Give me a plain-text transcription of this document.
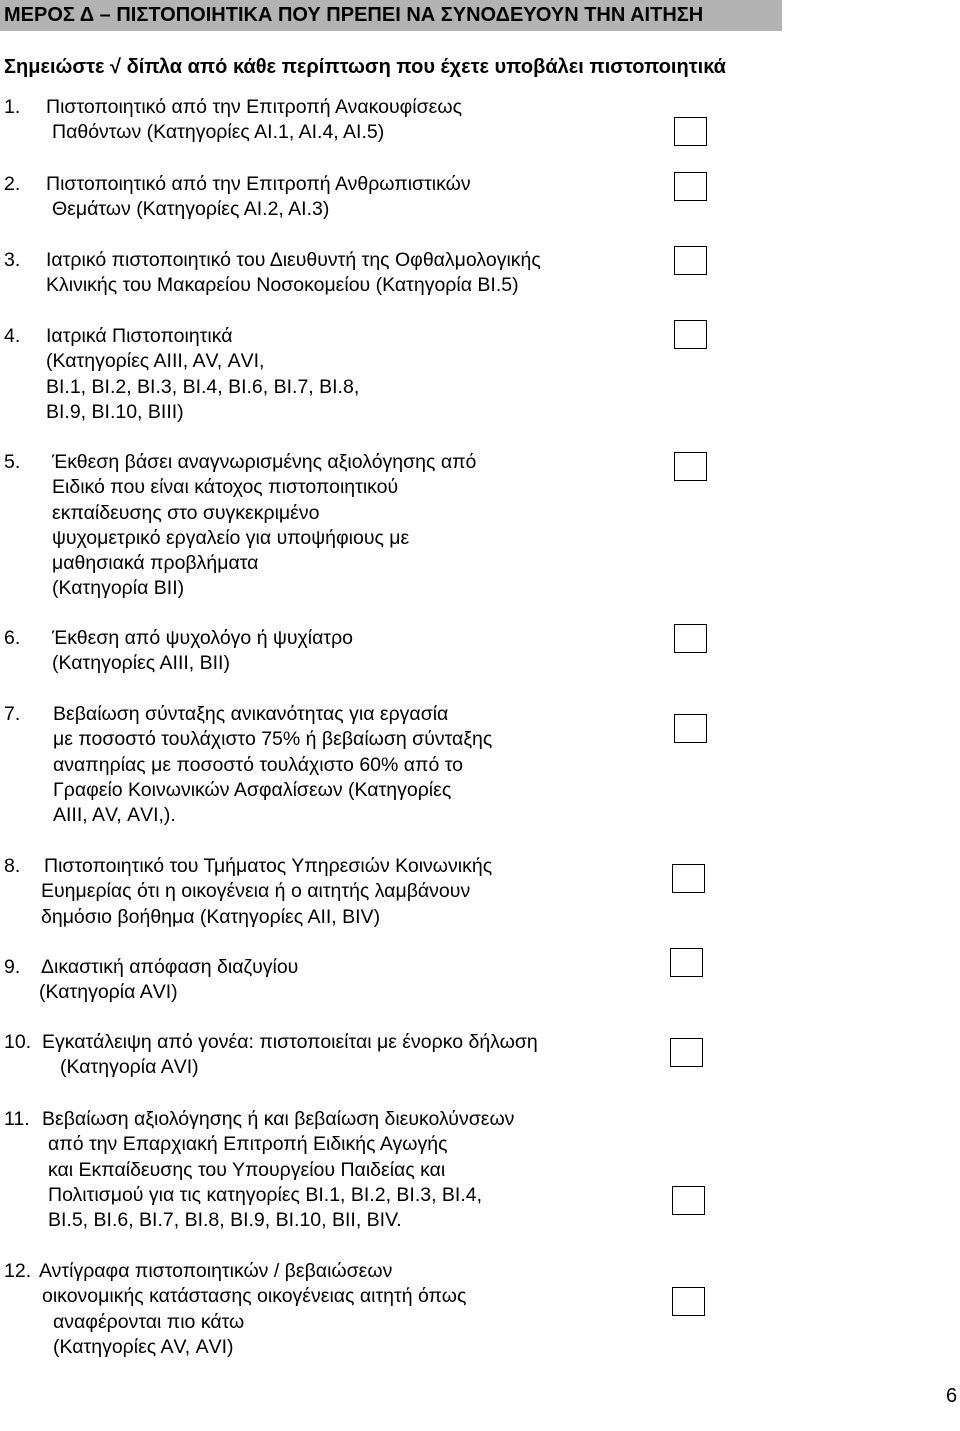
ΜΕΡΟΣ Δ – ΠΙΣΤΟΠΟΙΗΤΙΚΑ ΠΟΥ ΠΡΕΠΕΙ ΝΑ ΣΥΝΟΔΕΥΟΥΝ ΤΗΝ ΑΙΤΗΣΗ
Σημειώστε √ δίπλα από κάθε περίπτωση που έχετε υποβάλει πιστοποιητικά
1. Πιστοποιητικό από την Επιτροπή Ανακουφίσεως
Παθόντων (Κατηγορίες ΑΙ.1, ΑΙ.4, ΑΙ.5)
2. Πιστοποιητικό από την Επιτροπή Ανθρωπιστικών
Θεμάτων (Κατηγορίες ΑΙ.2, ΑΙ.3)
3. Ιατρικό πιστοποιητικό του Διευθυντή της Οφθαλμολογικής
Κλινικής του Μακαρείου Νοσοκομείου (Κατηγορία ΒΙ.5)
4. Ιατρικά Πιστοποιητικά
(Κατηγορίες ΑΙΙΙ, ΑV, ΑVΙ,
ΒΙ.1, ΒΙ.2, ΒΙ.3, ΒΙ.4, ΒΙ.6, ΒΙ.7, ΒΙ.8,
ΒΙ.9, ΒΙ.10, ΒΙΙΙ)
5. Έκθεση βάσει αναγνωρισμένης αξιολόγησης από
Ειδικό που είναι κάτοχος πιστοποιητικού
εκπαίδευσης στο συγκεκριμένο
ψυχομετρικό εργαλείο για υποψήφιους με
μαθησιακά προβλήματα
(Κατηγορία ΒΙΙ)
6. Έκθεση από ψυχολόγο ή ψυχίατρο
(Κατηγορίες ΑΙΙΙ, ΒΙΙ)
7. Βεβαίωση σύνταξης ανικανότητας για εργασία
με ποσοστό τουλάχιστο 75% ή βεβαίωση σύνταξης
αναπηρίας με ποσοστό τουλάχιστο 60% από το
Γραφείο Κοινωνικών Ασφαλίσεων (Κατηγορίες
ΑΙΙΙ, ΑV, ΑVΙ,).
8. Πιστοποιητικό του Τμήματος Υπηρεσιών Κοινωνικής
Ευημερίας ότι η οικογένεια ή ο αιτητής λαμβάνουν
δημόσιο βοήθημα (Κατηγορίες ΑΙΙ, ΒΙV)
9. Δικαστική απόφαση διαζυγίου
(Κατηγορία ΑVΙ)
10. Εγκατάλειψη από γονέα: πιστοποιείται με ένορκο δήλωση
(Κατηγορία ΑVΙ)
11. Βεβαίωση αξιολόγησης ή και βεβαίωση διευκολύνσεων
από την Επαρχιακή Επιτροπή Ειδικής Αγωγής
και Εκπαίδευσης του Υπουργείου Παιδείας και
Πολιτισμού για τις κατηγορίες ΒΙ.1, ΒΙ.2, ΒΙ.3, ΒΙ.4,
ΒΙ.5, ΒΙ.6, ΒΙ.7, ΒΙ.8, ΒΙ.9, ΒΙ.10, ΒΙΙ, ΒΙV.
12. Αντίγραφα πιστοποιητικών / βεβαιώσεων
οικονομικής κατάστασης οικογένειας αιτητή όπως
αναφέρονται πιο κάτω
(Κατηγορίες ΑV, ΑVΙ)
6
